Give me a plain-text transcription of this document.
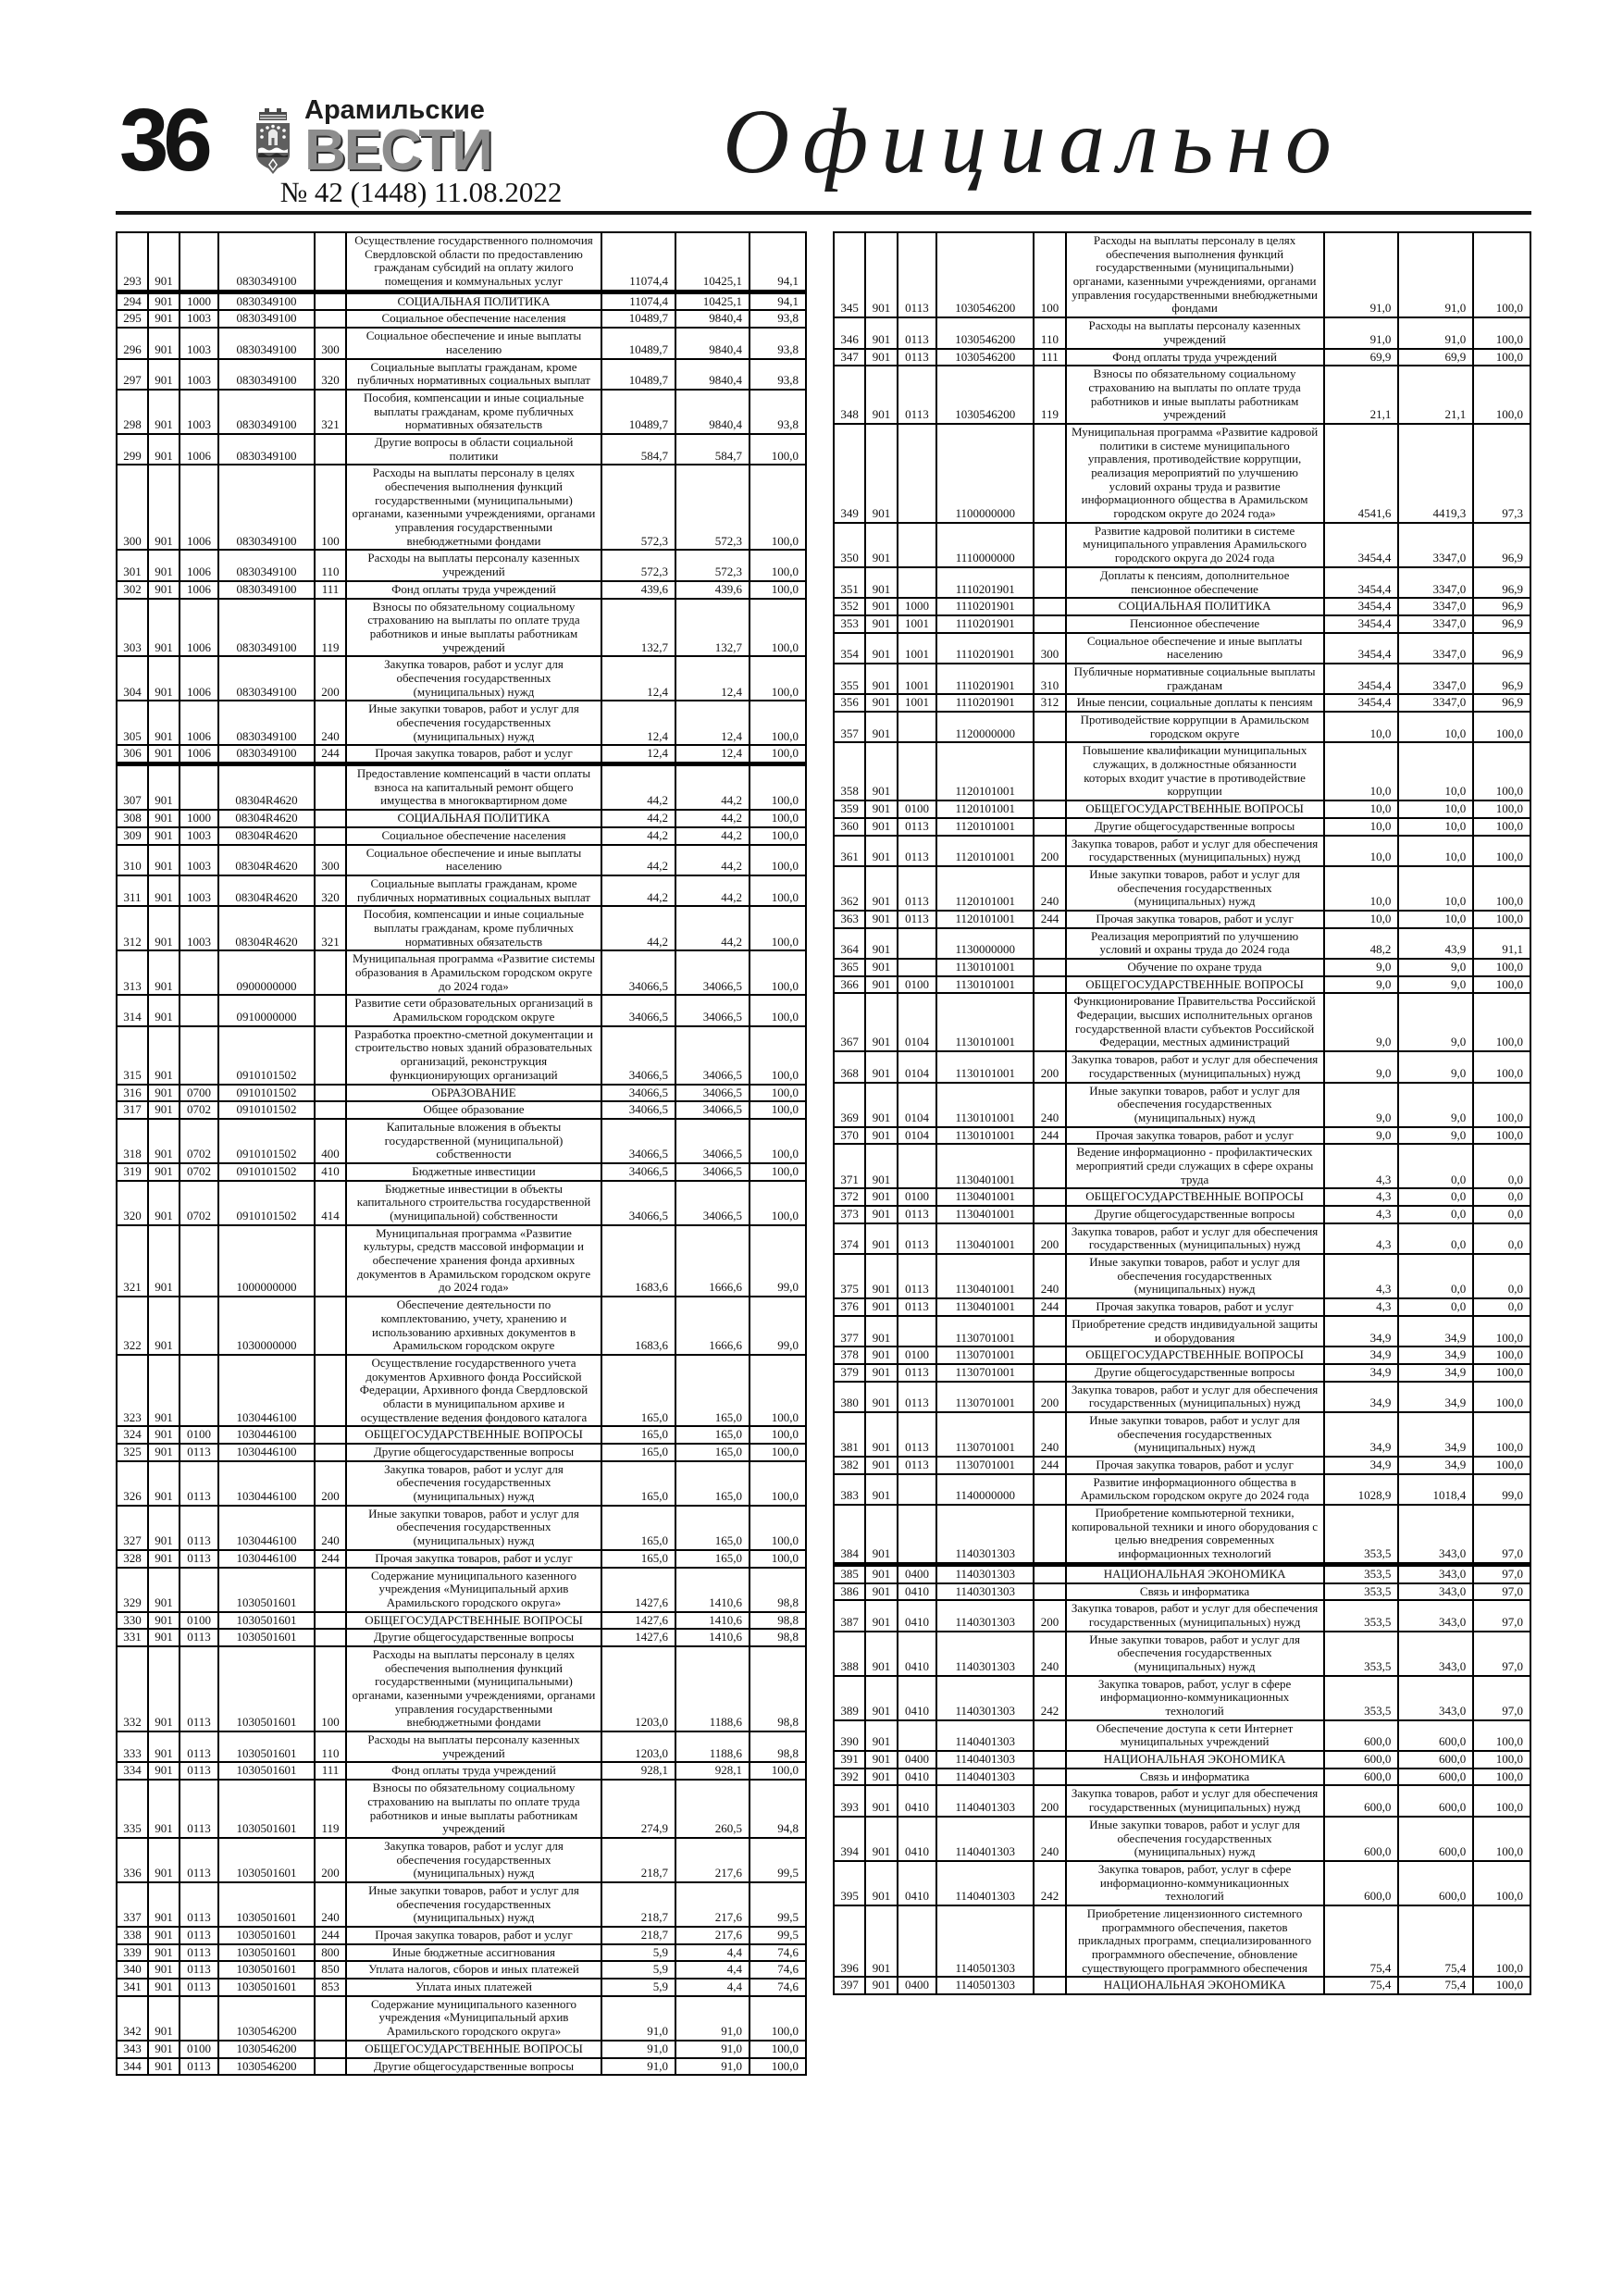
36	Арамильские
ВЕСТИ
№ 42 (1448) 11.08.2022	Официально
293	901		0830349100		Осуществление государственного полномочия Свердловской области по предоставлению гражданам субсидий на оплату жилого помещения и коммунальных услуг	11074,4	10425,1	94,1
294	901	1000	0830349100		СОЦИАЛЬНАЯ ПОЛИТИКА	11074,4	10425,1	94,1
295	901	1003	0830349100		Социальное обеспечение населения	10489,7	9840,4	93,8
296	901	1003	0830349100	300	Социальное обеспечение и иные выплаты населению	10489,7	9840,4	93,8
297	901	1003	0830349100	320	Социальные выплаты гражданам, кроме публичных нормативных социальных выплат	10489,7	9840,4	93,8
298	901	1003	0830349100	321	Пособия, компенсации и иные социальные выплаты гражданам, кроме публичных нормативных обязательств	10489,7	9840,4	93,8
299	901	1006	0830349100		Другие вопросы в области социальной политики	584,7	584,7	100,0
300	901	1006	0830349100	100	Расходы на выплаты персоналу в целях обеспечения выполнения функций государственными (муниципальными) органами, казенными учреждениями, органами управления государственными внебюджетными фондами	572,3	572,3	100,0
301	901	1006	0830349100	110	Расходы на выплаты персоналу казенных учреждений	572,3	572,3	100,0
302	901	1006	0830349100	111	Фонд оплаты труда учреждений	439,6	439,6	100,0
303	901	1006	0830349100	119	Взносы по обязательному социальному страхованию на выплаты по оплате труда работников и иные выплаты работникам учреждений	132,7	132,7	100,0
304	901	1006	0830349100	200	Закупка товаров, работ и услуг для обеспечения государственных (муниципальных) нужд	12,4	12,4	100,0
305	901	1006	0830349100	240	Иные закупки товаров, работ и услуг для обеспечения государственных (муниципальных) нужд	12,4	12,4	100,0
306	901	1006	0830349100	244	Прочая закупка товаров, работ и услуг	12,4	12,4	100,0
307	901		08304R4620		Предоставление компенсаций в части оплаты взноса на капитальный ремонт общего имущества в многоквартирном доме	44,2	44,2	100,0
308	901	1000	08304R4620		СОЦИАЛЬНАЯ ПОЛИТИКА	44,2	44,2	100,0
309	901	1003	08304R4620		Социальное обеспечение населения	44,2	44,2	100,0
310	901	1003	08304R4620	300	Социальное обеспечение и иные выплаты населению	44,2	44,2	100,0
311	901	1003	08304R4620	320	Социальные выплаты гражданам, кроме публичных нормативных социальных выплат	44,2	44,2	100,0
312	901	1003	08304R4620	321	Пособия, компенсации и иные социальные выплаты гражданам, кроме публичных нормативных обязательств	44,2	44,2	100,0
313	901		0900000000		Муниципальная программа «Развитие системы образования в Арамильском городском округе до 2024 года»	34066,5	34066,5	100,0
314	901		0910000000		Развитие сети образовательных организаций в Арамильском городском округе	34066,5	34066,5	100,0
315	901		0910101502		Разработка проектно-сметной документации и строительство новых зданий образовательных организаций, реконструкция функционирующих организаций	34066,5	34066,5	100,0
316	901	0700	0910101502		ОБРАЗОВАНИЕ	34066,5	34066,5	100,0
317	901	0702	0910101502		Общее образование	34066,5	34066,5	100,0
318	901	0702	0910101502	400	Капитальные вложения в объекты государственной (муниципальной) собственности	34066,5	34066,5	100,0
319	901	0702	0910101502	410	Бюджетные инвестиции	34066,5	34066,5	100,0
320	901	0702	0910101502	414	Бюджетные инвестиции в объекты капитального строительства государственной (муниципальной) собственности	34066,5	34066,5	100,0
321	901		1000000000		Муниципальная программа «Развитие культуры, средств массовой информации и обеспечение хранения фонда архивных документов в Арамильском городском округе до 2024 года»	1683,6	1666,6	99,0
322	901		1030000000		Обеспечение деятельности по комплектованию, учету, хранению и использованию архивных документов в Арамильском городском округе	1683,6	1666,6	99,0
323	901		1030446100		Осуществление государственного учета документов Архивного фонда Российской Федерации, Архивного фонда Свердловской области в муниципальном архиве и осуществление ведения фондового каталога	165,0	165,0	100,0
324	901	0100	1030446100		ОБЩЕГОСУДАРСТВЕННЫЕ ВОПРОСЫ	165,0	165,0	100,0
325	901	0113	1030446100		Другие общегосударственные вопросы	165,0	165,0	100,0
326	901	0113	1030446100	200	Закупка товаров, работ и услуг для обеспечения государственных (муниципальных) нужд	165,0	165,0	100,0
327	901	0113	1030446100	240	Иные закупки товаров, работ и услуг для обеспечения государственных (муниципальных) нужд	165,0	165,0	100,0
328	901	0113	1030446100	244	Прочая закупка товаров, работ и услуг	165,0	165,0	100,0
329	901		1030501601		Содержание муниципального казенного учреждения «Муниципальный архив Арамильского городского округа»	1427,6	1410,6	98,8
330	901	0100	1030501601		ОБЩЕГОСУДАРСТВЕННЫЕ ВОПРОСЫ	1427,6	1410,6	98,8
331	901	0113	1030501601		Другие общегосударственные вопросы	1427,6	1410,6	98,8
332	901	0113	1030501601	100	Расходы на выплаты персоналу в целях обеспечения выполнения функций государственными (муниципальными) органами, казенными учреждениями, органами управления государственными внебюджетными фондами	1203,0	1188,6	98,8
333	901	0113	1030501601	110	Расходы на выплаты персоналу казенных учреждений	1203,0	1188,6	98,8
334	901	0113	1030501601	111	Фонд оплаты труда учреждений	928,1	928,1	100,0
335	901	0113	1030501601	119	Взносы по обязательному социальному страхованию на выплаты по оплате труда работников и иные выплаты работникам учреждений	274,9	260,5	94,8
336	901	0113	1030501601	200	Закупка товаров, работ и услуг для обеспечения государственных (муниципальных) нужд	218,7	217,6	99,5
337	901	0113	1030501601	240	Иные закупки товаров, работ и услуг для обеспечения государственных (муниципальных) нужд	218,7	217,6	99,5
338	901	0113	1030501601	244	Прочая закупка товаров, работ и услуг	218,7	217,6	99,5
339	901	0113	1030501601	800	Иные бюджетные ассигнования	5,9	4,4	74,6
340	901	0113	1030501601	850	Уплата налогов, сборов и иных платежей	5,9	4,4	74,6
341	901	0113	1030501601	853	Уплата иных платежей	5,9	4,4	74,6
342	901		1030546200		Содержание муниципального казенного учреждения «Муниципальный архив Арамильского городского округа»	91,0	91,0	100,0
343	901	0100	1030546200		ОБЩЕГОСУДАРСТВЕННЫЕ ВОПРОСЫ	91,0	91,0	100,0
344	901	0113	1030546200		Другие общегосударственные вопросы	91,0	91,0	100,0
345	901	0113	1030546200	100	Расходы на выплаты персоналу в целях обеспечения выполнения функций государственными (муниципальными) органами, казенными учреждениями, органами управления государственными внебюджетными фондами	91,0	91,0	100,0
346	901	0113	1030546200	110	Расходы на выплаты персоналу казенных учреждений	91,0	91,0	100,0
347	901	0113	1030546200	111	Фонд оплаты труда учреждений	69,9	69,9	100,0
348	901	0113	1030546200	119	Взносы по обязательному социальному страхованию на выплаты по оплате труда работников и иные выплаты работникам учреждений	21,1	21,1	100,0
349	901		1100000000		Муниципальная программа «Развитие кадровой политики в системе муниципального управления, противодействие коррупции, реализация мероприятий по улучшению условий охраны труда и развитие информационного общества в Арамильском городском округе до 2024 года»	4541,6	4419,3	97,3
350	901		1110000000		Развитие кадровой политики в системе муниципального управления Арамильского городского округа до 2024 года	3454,4	3347,0	96,9
351	901		1110201901		Доплаты к пенсиям, дополнительное пенсионное обеспечение	3454,4	3347,0	96,9
352	901	1000	1110201901		СОЦИАЛЬНАЯ ПОЛИТИКА	3454,4	3347,0	96,9
353	901	1001	1110201901		Пенсионное обеспечение	3454,4	3347,0	96,9
354	901	1001	1110201901	300	Социальное обеспечение и иные выплаты населению	3454,4	3347,0	96,9
355	901	1001	1110201901	310	Публичные нормативные социальные выплаты гражданам	3454,4	3347,0	96,9
356	901	1001	1110201901	312	Иные пенсии, социальные доплаты к пенсиям	3454,4	3347,0	96,9
357	901		1120000000		Противодействие коррупции в Арамильском городском округе	10,0	10,0	100,0
358	901		1120101001		Повышение квалификации муниципальных служащих, в должностные обязанности которых входит участие в противодействие коррупции	10,0	10,0	100,0
359	901	0100	1120101001		ОБЩЕГОСУДАРСТВЕННЫЕ ВОПРОСЫ	10,0	10,0	100,0
360	901	0113	1120101001		Другие общегосударственные вопросы	10,0	10,0	100,0
361	901	0113	1120101001	200	Закупка товаров, работ и услуг для обеспечения государственных (муниципальных) нужд	10,0	10,0	100,0
362	901	0113	1120101001	240	Иные закупки товаров, работ и услуг для обеспечения государственных (муниципальных) нужд	10,0	10,0	100,0
363	901	0113	1120101001	244	Прочая закупка товаров, работ и услуг	10,0	10,0	100,0
364	901		1130000000		Реализация мероприятий по улучшению условий и охраны труда до 2024 года	48,2	43,9	91,1
365	901		1130101001		Обучение по охране труда	9,0	9,0	100,0
366	901	0100	1130101001		ОБЩЕГОСУДАРСТВЕННЫЕ ВОПРОСЫ	9,0	9,0	100,0
367	901	0104	1130101001		Функционирование Правительства Российской Федерации, высших исполнительных органов государственной власти субъектов Российской Федерации, местных администраций	9,0	9,0	100,0
368	901	0104	1130101001	200	Закупка товаров, работ и услуг для обеспечения государственных (муниципальных) нужд	9,0	9,0	100,0
369	901	0104	1130101001	240	Иные закупки товаров, работ и услуг для обеспечения государственных (муниципальных) нужд	9,0	9,0	100,0
370	901	0104	1130101001	244	Прочая закупка товаров, работ и услуг	9,0	9,0	100,0
371	901		1130401001		Ведение информационно - профилактических мероприятий среди служащих в сфере охраны труда	4,3	0,0	0,0
372	901	0100	1130401001		ОБЩЕГОСУДАРСТВЕННЫЕ ВОПРОСЫ	4,3	0,0	0,0
373	901	0113	1130401001		Другие общегосударственные вопросы	4,3	0,0	0,0
374	901	0113	1130401001	200	Закупка товаров, работ и услуг для обеспечения государственных (муниципальных) нужд	4,3	0,0	0,0
375	901	0113	1130401001	240	Иные закупки товаров, работ и услуг для обеспечения государственных (муниципальных) нужд	4,3	0,0	0,0
376	901	0113	1130401001	244	Прочая закупка товаров, работ и услуг	4,3	0,0	0,0
377	901		1130701001		Приобретение средств индивидуальной защиты и оборудования	34,9	34,9	100,0
378	901	0100	1130701001		ОБЩЕГОСУДАРСТВЕННЫЕ ВОПРОСЫ	34,9	34,9	100,0
379	901	0113	1130701001		Другие общегосударственные вопросы	34,9	34,9	100,0
380	901	0113	1130701001	200	Закупка товаров, работ и услуг для обеспечения государственных (муниципальных) нужд	34,9	34,9	100,0
381	901	0113	1130701001	240	Иные закупки товаров, работ и услуг для обеспечения государственных (муниципальных) нужд	34,9	34,9	100,0
382	901	0113	1130701001	244	Прочая закупка товаров, работ и услуг	34,9	34,9	100,0
383	901		1140000000		Развитие информационного общества в Арамильском городском округе до 2024 года	1028,9	1018,4	99,0
384	901		1140301303		Приобретение компьютерной техники, копировальной техники и иного оборудования с целью внедрения современных информационных технологий	353,5	343,0	97,0
385	901	0400	1140301303		НАЦИОНАЛЬНАЯ ЭКОНОМИКА	353,5	343,0	97,0
386	901	0410	1140301303		Связь и информатика	353,5	343,0	97,0
387	901	0410	1140301303	200	Закупка товаров, работ и услуг для обеспечения государственных (муниципальных) нужд	353,5	343,0	97,0
388	901	0410	1140301303	240	Иные закупки товаров, работ и услуг для обеспечения государственных (муниципальных) нужд	353,5	343,0	97,0
389	901	0410	1140301303	242	Закупка товаров, работ, услуг в сфере информационно-коммуникационных технологий	353,5	343,0	97,0
390	901		1140401303		Обеспечение доступа к сети Интернет муниципальных учреждений	600,0	600,0	100,0
391	901	0400	1140401303		НАЦИОНАЛЬНАЯ ЭКОНОМИКА	600,0	600,0	100,0
392	901	0410	1140401303		Связь и информатика	600,0	600,0	100,0
393	901	0410	1140401303	200	Закупка товаров, работ и услуг для обеспечения государственных (муниципальных) нужд	600,0	600,0	100,0
394	901	0410	1140401303	240	Иные закупки товаров, работ и услуг для обеспечения государственных (муниципальных) нужд	600,0	600,0	100,0
395	901	0410	1140401303	242	Закупка товаров, работ, услуг в сфере информационно-коммуникационных технологий	600,0	600,0	100,0
396	901		1140501303		Приобретение лицензионного системного программного обеспечения, пакетов прикладных программ, специализированного программного обеспечение, обновление существующего программного обеспечения	75,4	75,4	100,0
397	901	0400	1140501303		НАЦИОНАЛЬНАЯ ЭКОНОМИКА	75,4	75,4	100,0
